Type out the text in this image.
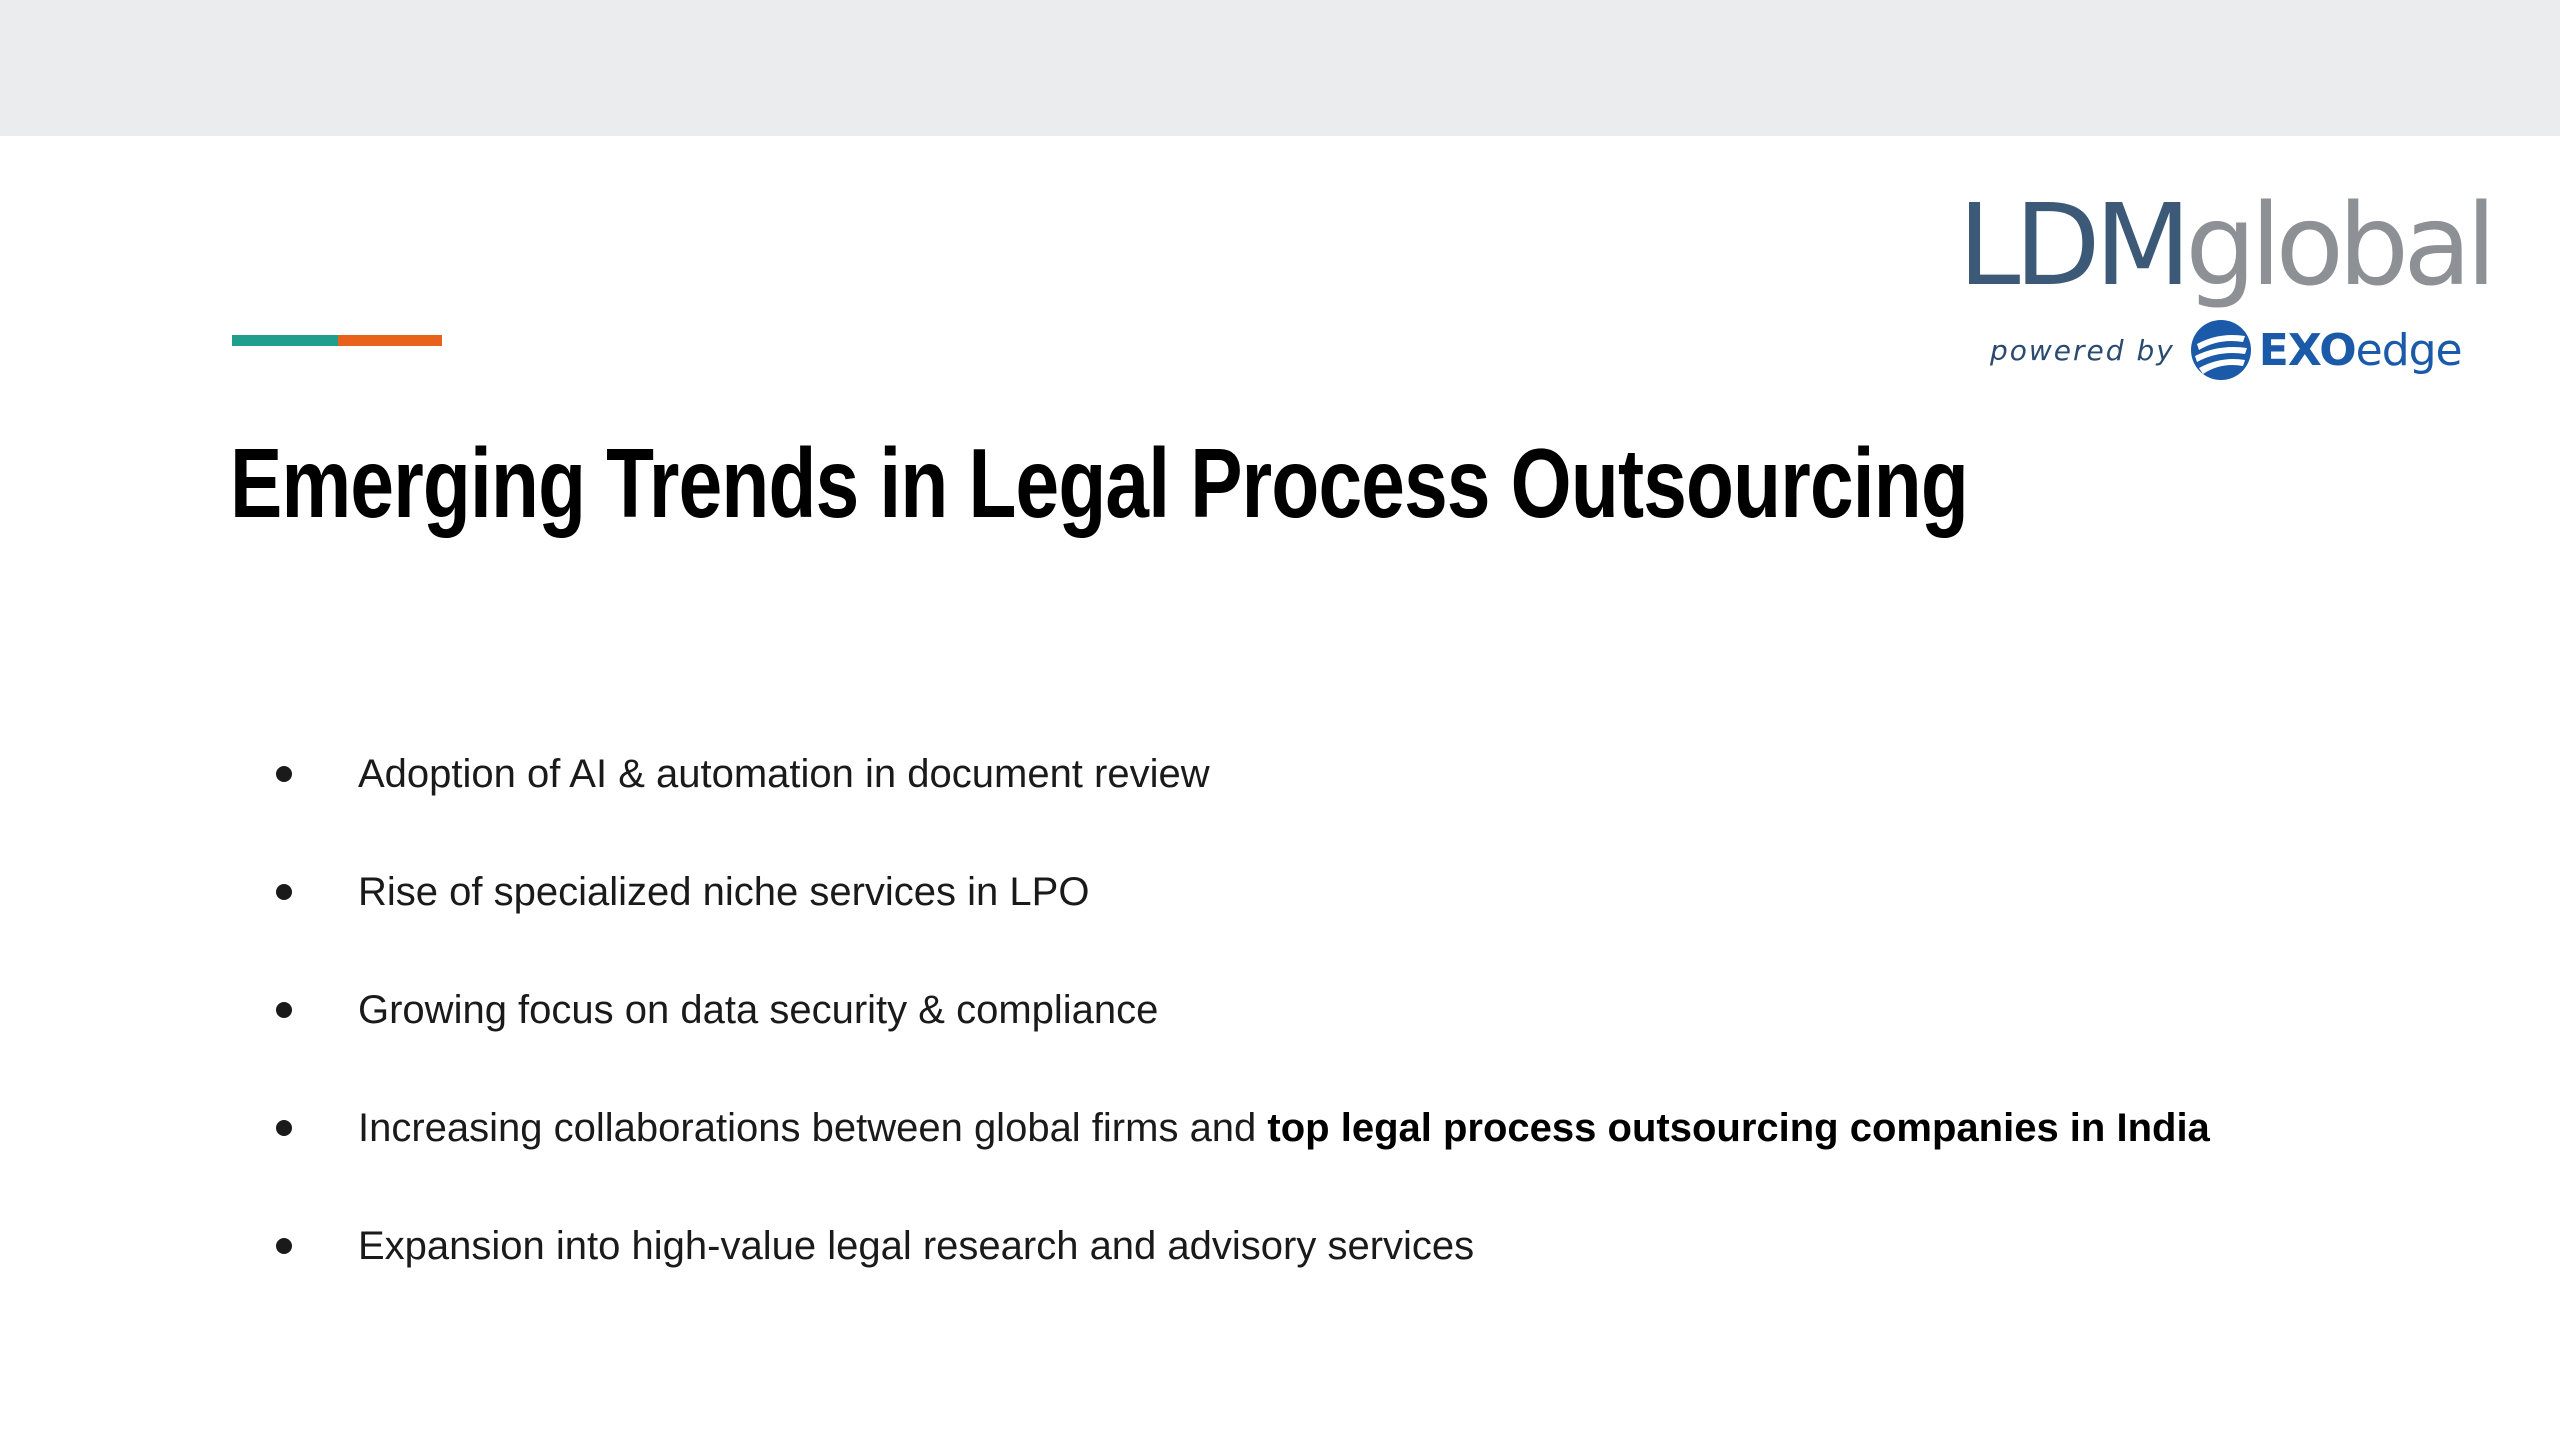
LDMglobal
powered by EXOedge
Emerging Trends in Legal Process Outsourcing
Adoption of AI & automation in document review
Rise of specialized niche services in LPO
Growing focus on data security & compliance
Increasing collaborations between global firms and top legal process outsourcing companies in India
Expansion into high-value legal research and advisory services
